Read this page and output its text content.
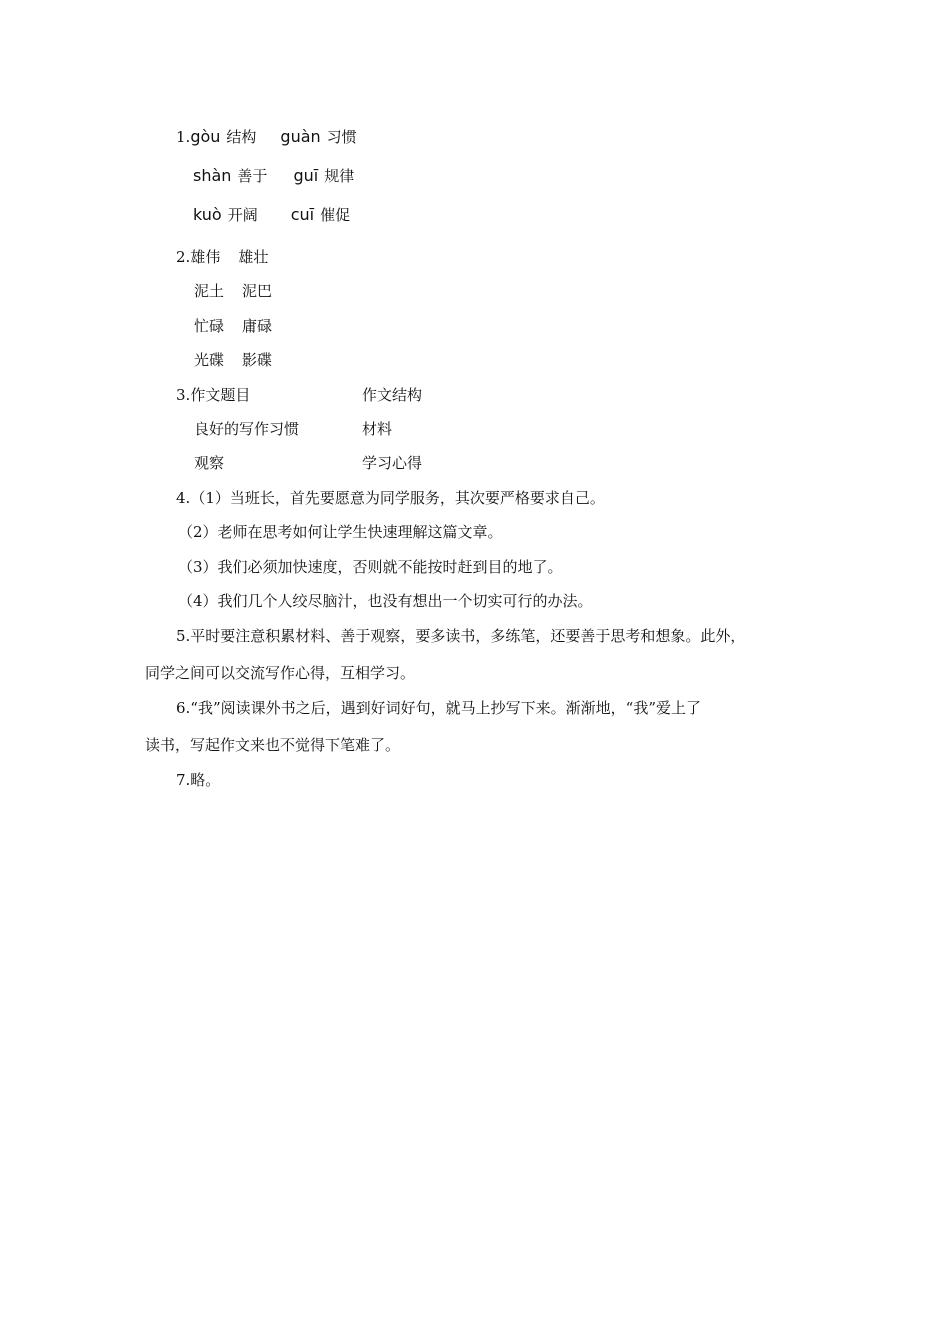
1.gòu 结构 guàn 习惯
shàn 善于 guī 规律
kuò 开阔 cuī 催促
2.雄伟 雄壮
泥土 泥巴
忙碌 庸碌
光碟 影碟
3.作文题目	作文结构
良好的写作习惯	材料
观察	学习心得
4.（1）当班长，首先要愿意为同学服务，其次要严格要求自己。
（2）老师在思考如何让学生快速理解这篇文章。
（3）我们必须加快速度，否则就不能按时赶到目的地了。
（4）我们几个人绞尽脑汁，也没有想出一个切实可行的办法。
5.平时要注意积累材料、善于观察，要多读书，多练笔，还要善于思考和想象。此外，
同学之间可以交流写作心得，互相学习。
6.“我”阅读课外书之后，遇到好词好句，就马上抄写下来。渐渐地，“我”爱上了
读书，写起作文来也不觉得下笔难了。
7.略。
